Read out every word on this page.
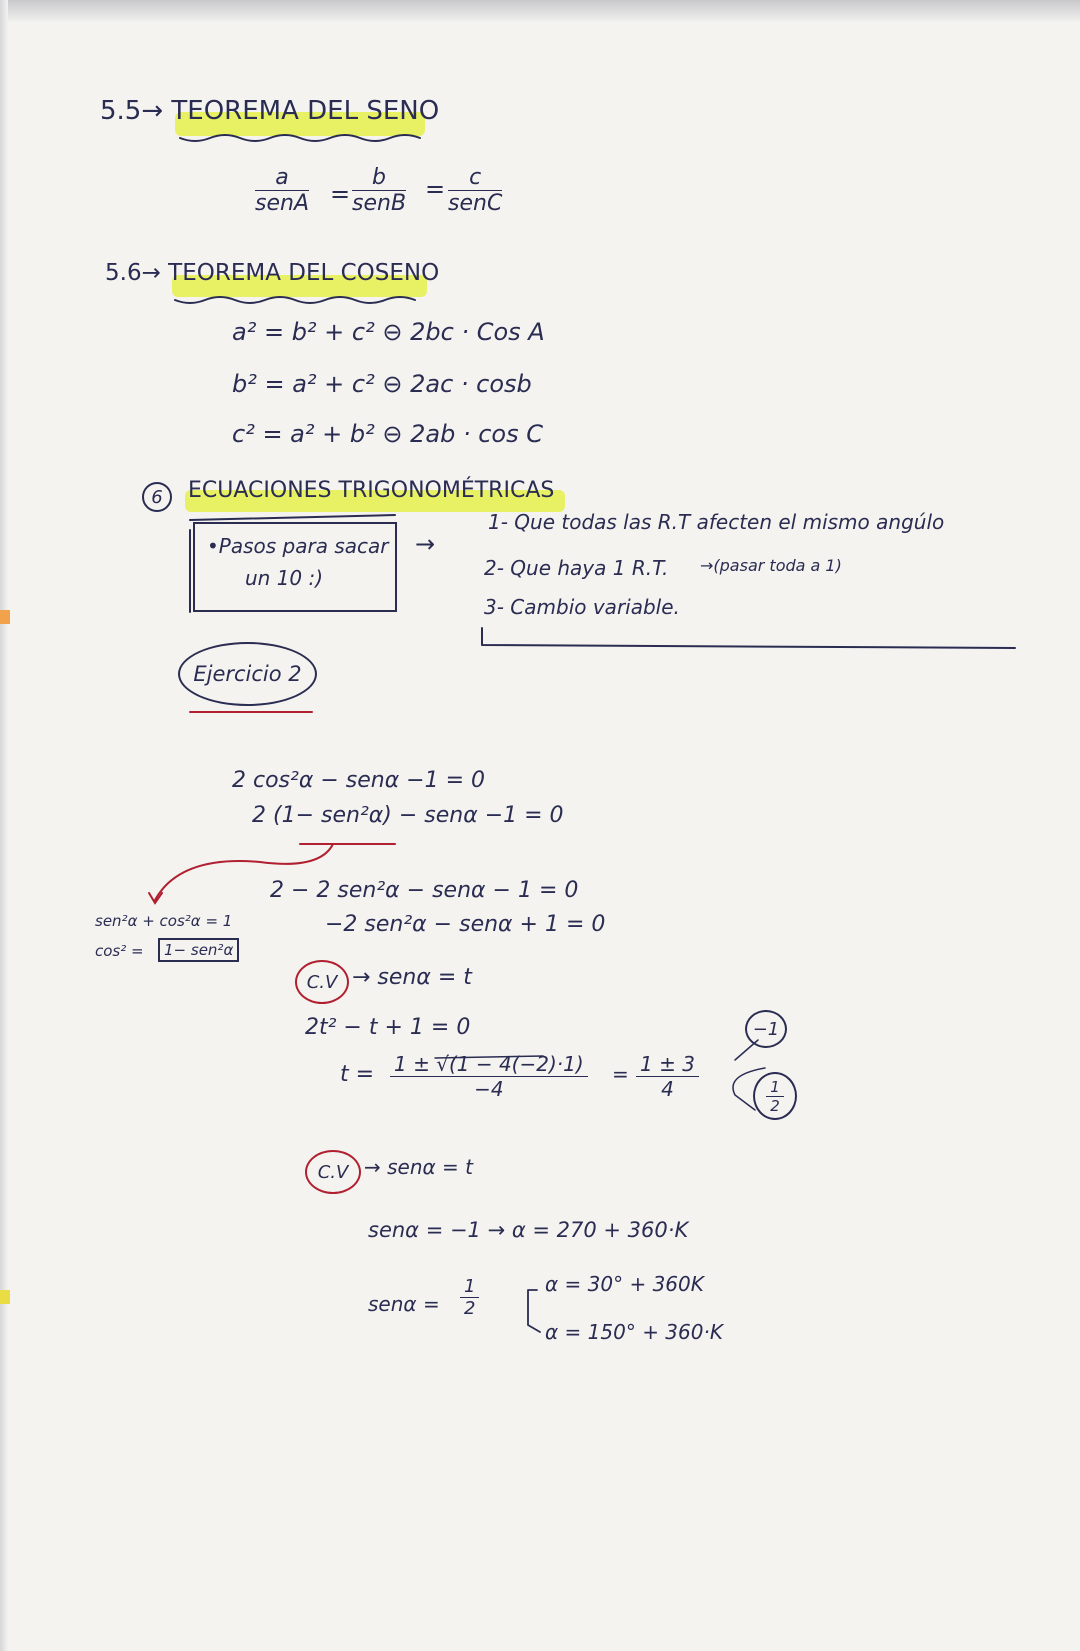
5.5→ TEOREMA DEL SENO
a
senA =
b
senB
=	c
senC
5.6→ TEOREMA DEL COSENO
a² = b² + c² ⊖ 2bc · Cos A
b² = a² + c² ⊖ 2ac · cosb
c² = a² + b² ⊖ 2ab · cos C
6 ECUACIONES TRIGONOMÉTRICAS
•Pasos para sacar
un 10 :)
→
1- Que todas las R.T afecten el mismo angúlo
2- Que haya 1 R.T. →(pasar toda a 1)
3- Cambio variable.
Ejercicio 2
2 cos²α − senα −1 = 0
2 (1− sen²α) − senα −1 = 0
2 − 2 sen²α − senα − 1 = 0
−2 sen²α − senα + 1 = 0
sen²α + cos²α = 1
cos² =	1− sen²α
C.V → senα = t
2t² − t + 1 = 0
$t = \frac{1 \pm √(1 - 4(-2)\cdot 1)}{-4} = \frac{1 \pm 3}{4}$
−1
$\frac{1}{2}$
C.V → senα = t
senα = −1 → α = 270 + 360·K
$sen\alpha = \frac{1}{2}$	α = 30° + 360K
α = 150° + 360·K
